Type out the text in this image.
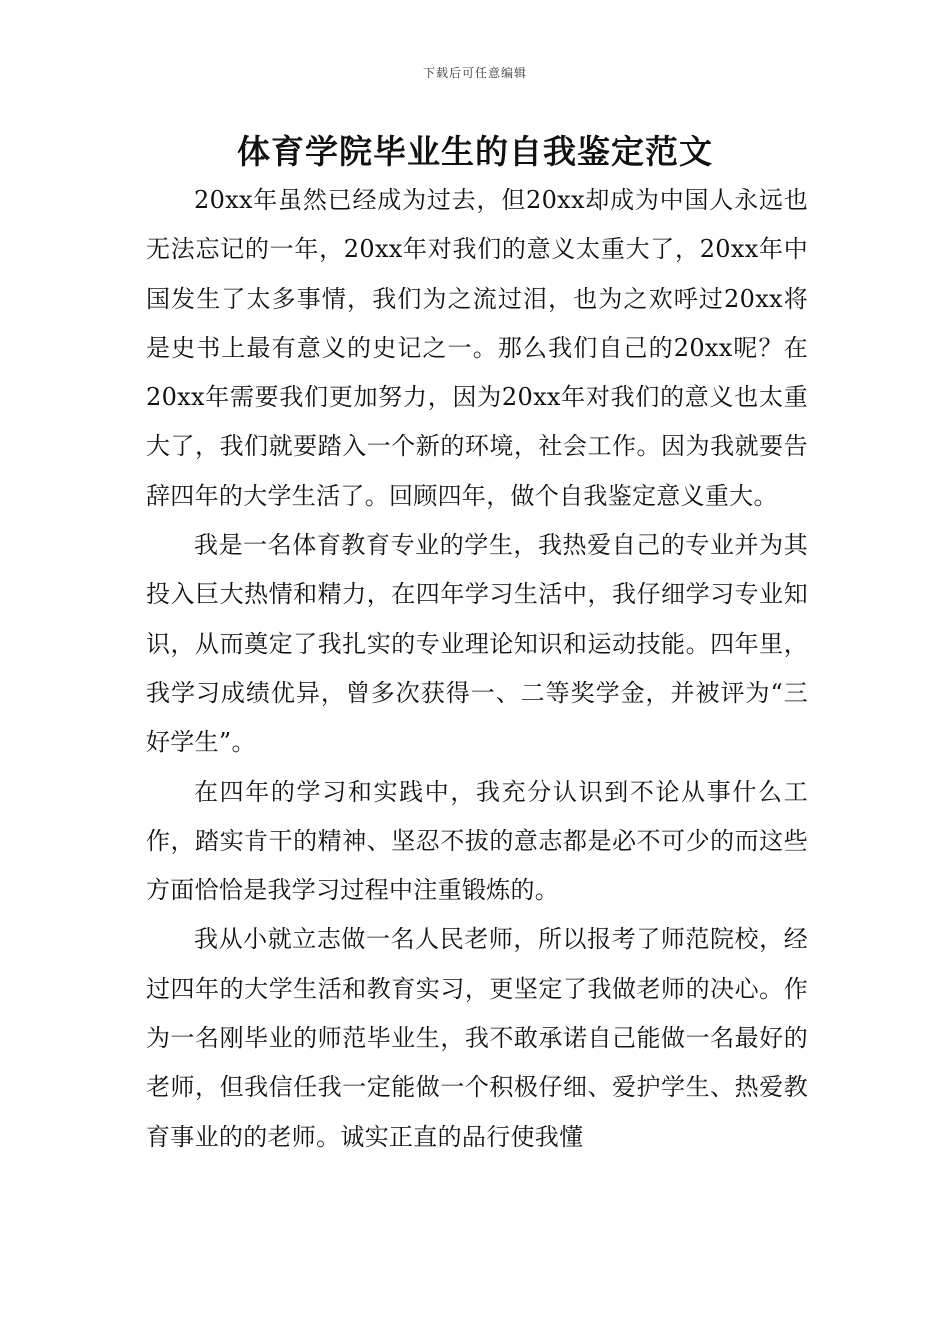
下载后可任意编辑
体育学院毕业生的自我鉴定范文

20xx年虽然已经成为过去，但20xx却成为中国人永远也无法忘记的一年，20xx年对我们的意义太重大了，20xx年中国发生了太多事情，我们为之流过泪，也为之欢呼过20xx将是史书上最有意义的史记之一。那么我们自己的20xx呢？在20xx年需要我们更加努力，因为20xx年对我们的意义也太重大了，我们就要踏入一个新的环境，社会工作。因为我就要告辞四年的大学生活了。回顾四年，做个自我鉴定意义重大。

我是一名体育教育专业的学生，我热爱自己的专业并为其投入巨大热情和精力，在四年学习生活中，我仔细学习专业知识，从而奠定了我扎实的专业理论知识和运动技能。四年里，我学习成绩优异，曾多次获得一、二等奖学金，并被评为“三好学生”。

在四年的学习和实践中，我充分认识到不论从事什么工作，踏实肯干的精神、坚忍不拔的意志都是必不可少的而这些方面恰恰是我学习过程中注重锻炼的。

我从小就立志做一名人民老师，所以报考了师范院校，经过四年的大学生活和教育实习，更坚定了我做老师的决心。作为一名刚毕业的师范毕业生，我不敢承诺自己能做一名最好的老师，但我信任我一定能做一个积极仔细、爱护学生、热爱教育事业的的老师。诚实正直的品行使我懂
